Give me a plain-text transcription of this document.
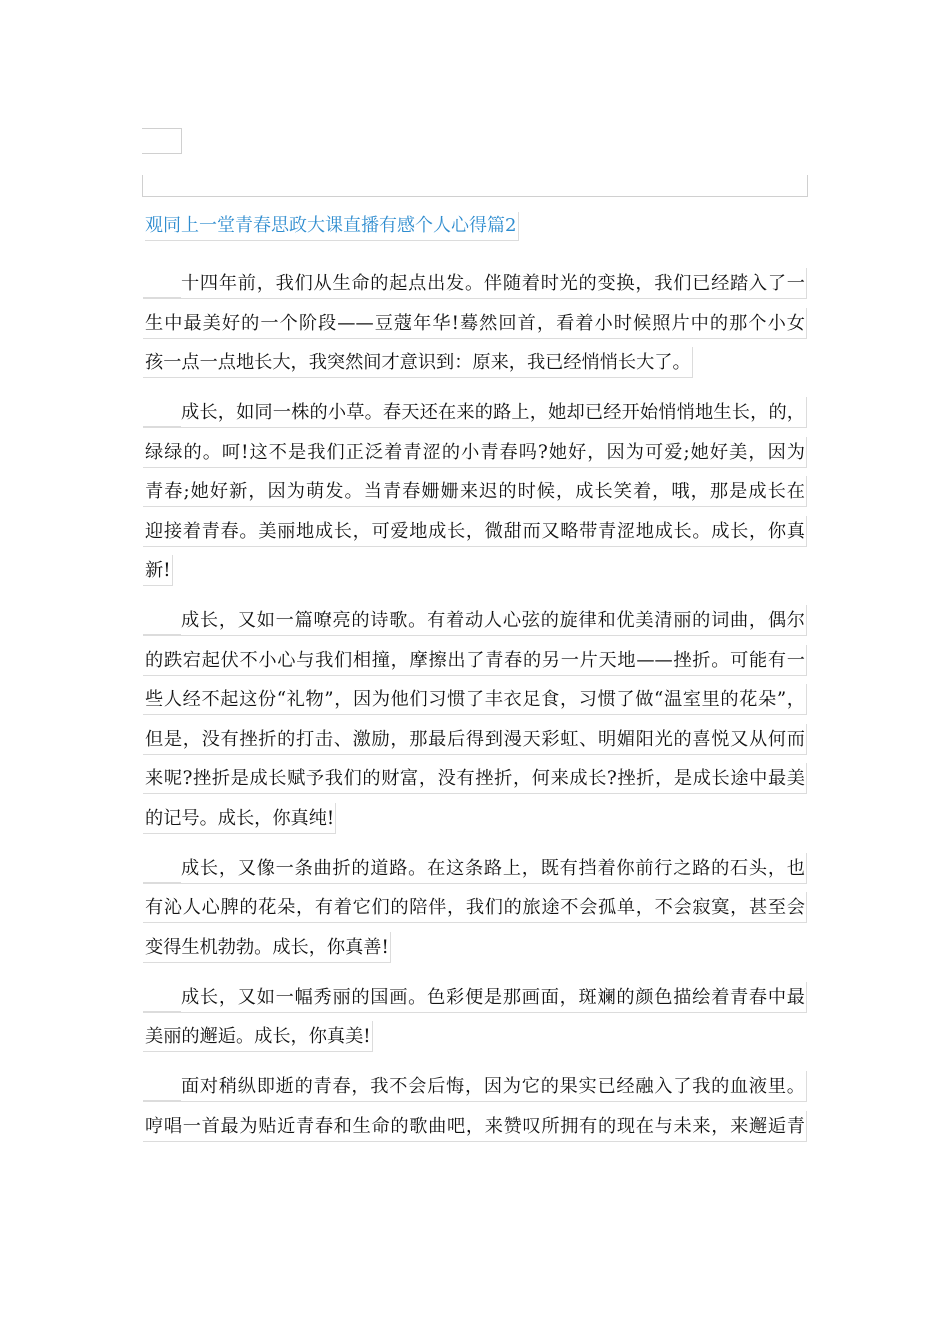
观同上一堂青春思政大课直播有感个人心得篇2
十四年前，我们从生命的起点出发。伴随着时光的变换，我们已经踏入了一
生中最美好的一个阶段——豆蔻年华!蓦然回首，看着小时候照片中的那个小女
孩一点一点地长大，我突然间才意识到：原来，我已经悄悄长大了。
成长，如同一株的小草。春天还在来的路上，她却已经开始悄悄地生长，的，
绿绿的。呵!这不是我们正泛着青涩的小青春吗?她好，因为可爱;她好美，因为
青春;她好新，因为萌发。当青春姗姗来迟的时候，成长笑着，哦，那是成长在
迎接着青春。美丽地成长，可爱地成长，微甜而又略带青涩地成长。成长，你真
新!
成长，又如一篇嘹亮的诗歌。有着动人心弦的旋律和优美清丽的词曲，偶尔
的跌宕起伏不小心与我们相撞，摩擦出了青春的另一片天地——挫折。可能有一
些人经不起这份“礼物”，因为他们习惯了丰衣足食，习惯了做“温室里的花朵”，
但是，没有挫折的打击、激励，那最后得到漫天彩虹、明媚阳光的喜悦又从何而
来呢?挫折是成长赋予我们的财富，没有挫折，何来成长?挫折，是成长途中最美
的记号。成长，你真纯!
成长，又像一条曲折的道路。在这条路上，既有挡着你前行之路的石头，也
有沁人心脾的花朵，有着它们的陪伴，我们的旅途不会孤单，不会寂寞，甚至会
变得生机勃勃。成长，你真善!
成长，又如一幅秀丽的国画。色彩便是那画面，斑斓的颜色描绘着青春中最
美丽的邂逅。成长，你真美!
面对稍纵即逝的青春，我不会后悔，因为它的果实已经融入了我的血液里。
哼唱一首最为贴近青春和生命的歌曲吧，来赞叹所拥有的现在与未来，来邂逅青
